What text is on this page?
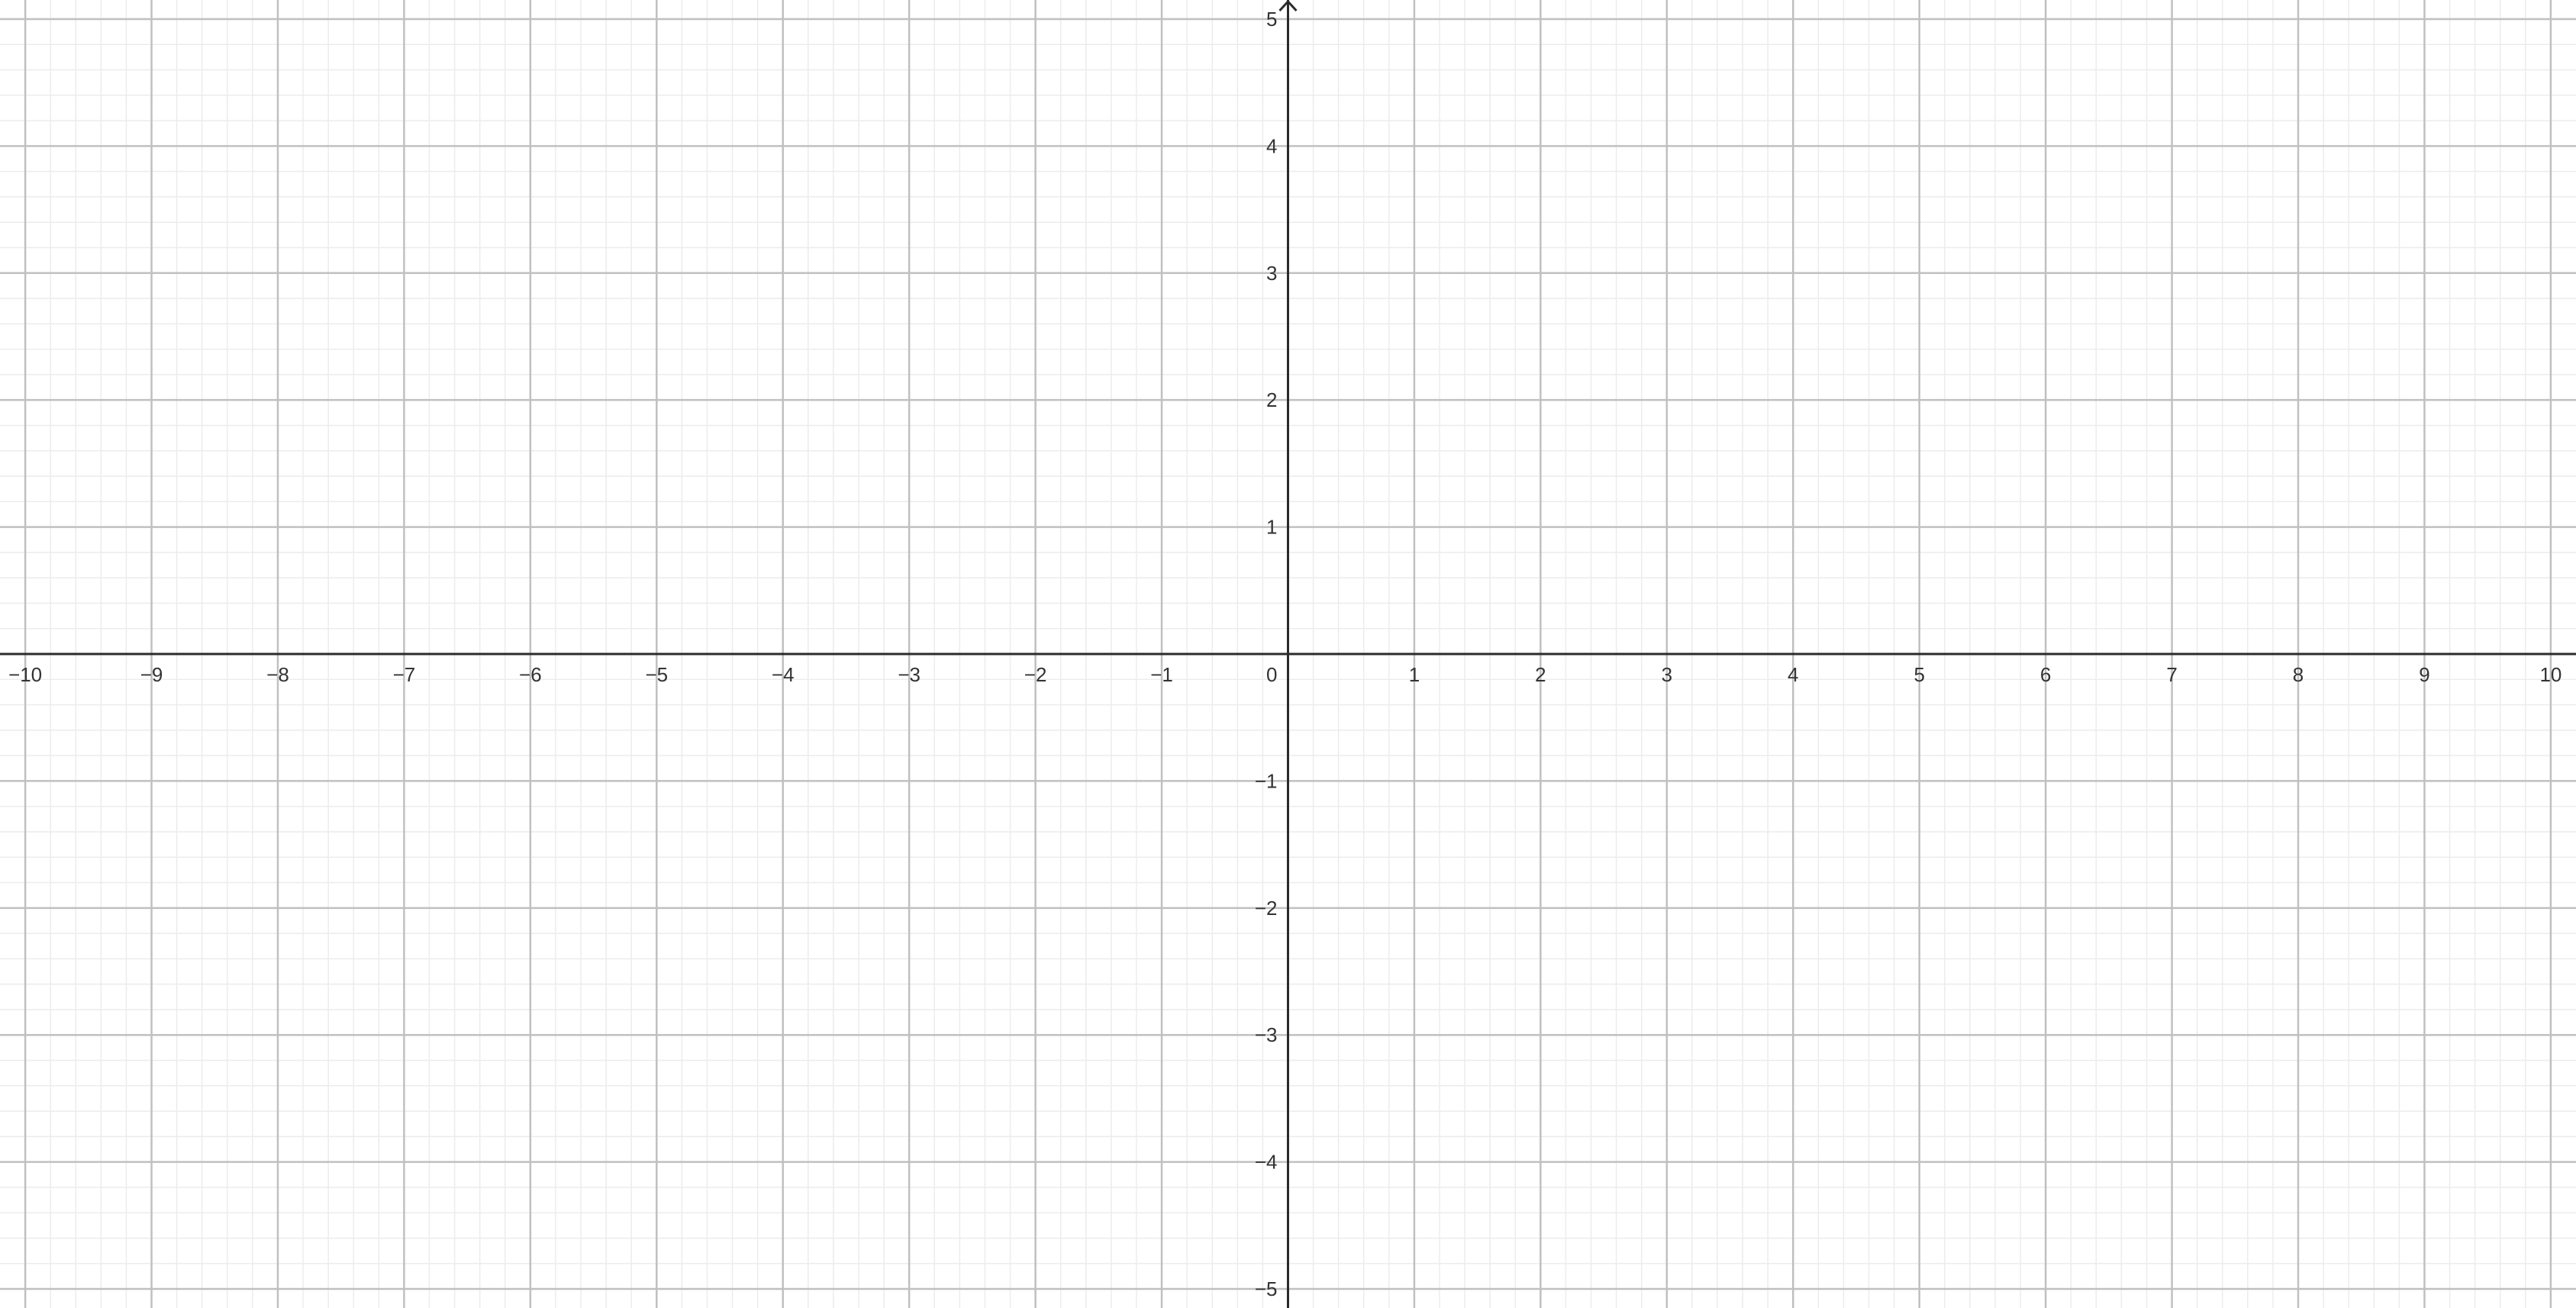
−10	−9	−8	−7	−6	−5	−4	−3	−2	−1	1	2	3	4	5	6	7	8	9	10
5
4
3
2
1
−1
−2
−3
−4
−5
0
